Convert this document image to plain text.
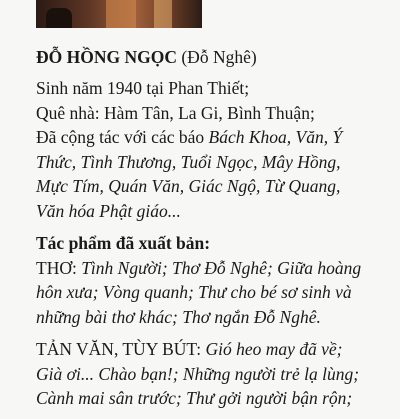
ĐỖ HỒNG NGỌC (Đỗ Nghê)

Sinh năm 1940 tại Phan Thiết;

Quê nhà: Hàm Tân, La Gi, Bình Thuận;

Đã cộng tác với các báo Bách Khoa, Văn, Ý

Thức, Tình Thương, Tuổi Ngọc, Mây Hồng,

Mực Tím, Quán Văn, Giác Ngộ, Từ Quang,

Văn hóa Phật giáo...

Tác phẩm đã xuất bản:

THƠ: Tình Người; Thơ Đỗ Nghê; Giữa hoàng

hôn xưa; Vòng quanh; Thư cho bé sơ sinh và

những bài thơ khác; Thơ ngắn Đỗ Nghê.

TẢN VĂN, TÙY BÚT: Gió heo may đã về;

Già ơi... Chào bạn!; Những người trẻ lạ lùng;

Cành mai sân trước; Thư gởi người bận rộn;
